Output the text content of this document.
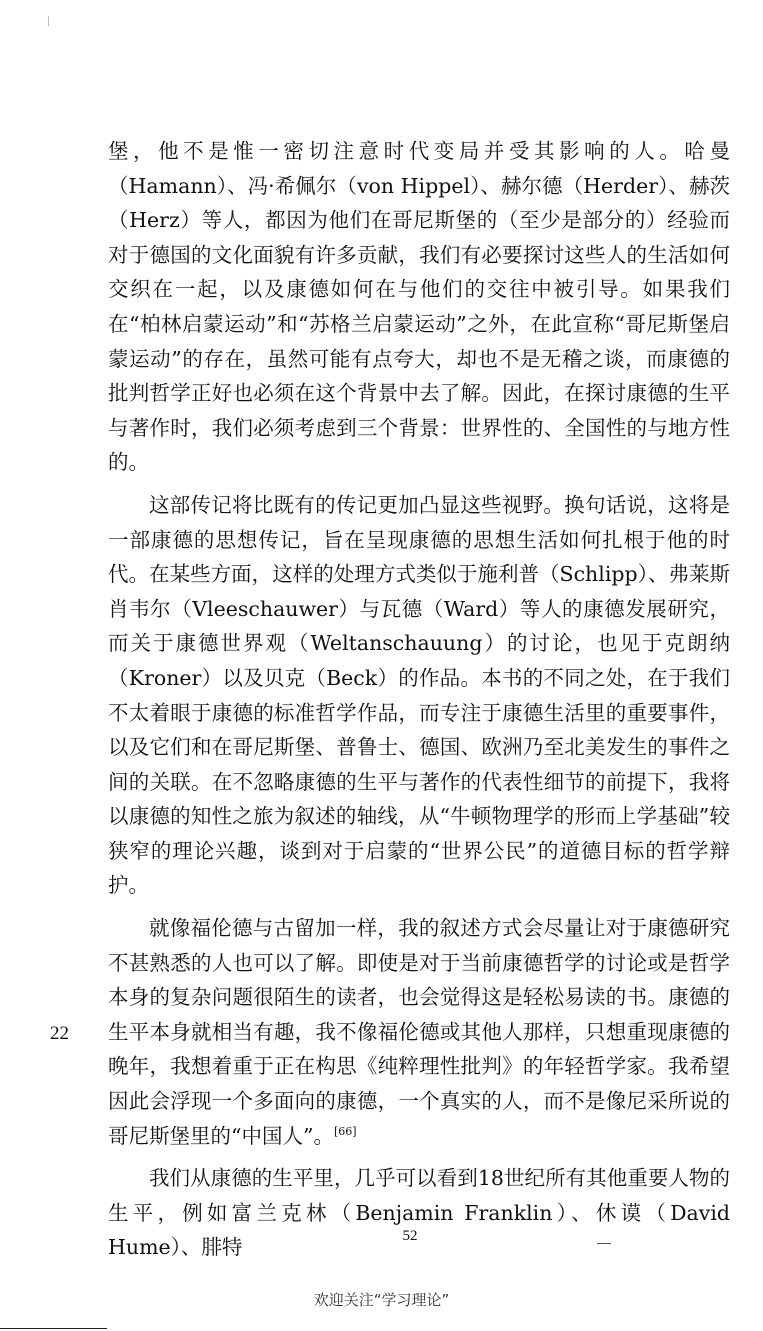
堡，他不是惟一密切注意时代变局并受其影响的人。哈曼（Hamann）、冯·希佩尔（von Hippel）、赫尔德（Herder）、赫茨（Herz）等人，都因为他们在哥尼斯堡的（至少是部分的）经验而对于德国的文化面貌有许多贡献，我们有必要探讨这些人的生活如何交织在一起，以及康德如何在与他们的交往中被引导。如果我们在“柏林启蒙运动”和“苏格兰启蒙运动”之外，在此宣称“哥尼斯堡启蒙运动”的存在，虽然可能有点夸大，却也不是无稽之谈，而康德的批判哲学正好也必须在这个背景中去了解。因此，在探讨康德的生平与著作时，我们必须考虑到三个背景：世界性的、全国性的与地方性的。

这部传记将比既有的传记更加凸显这些视野。换句话说，这将是一部康德的思想传记，旨在呈现康德的思想生活如何扎根于他的时代。在某些方面，这样的处理方式类似于施利普（Schlipp）、弗莱斯肖韦尔（Vleeschauwer）与瓦德（Ward）等人的康德发展研究，而关于康德世界观（Weltanschauung）的讨论，也见于克朗纳（Kroner）以及贝克（Beck）的作品。本书的不同之处，在于我们不太着眼于康德的标准哲学作品，而专注于康德生活里的重要事件，以及它们和在哥尼斯堡、普鲁士、德国、欧洲乃至北美发生的事件之间的关联。在不忽略康德的生平与著作的代表性细节的前提下，我将以康德的知性之旅为叙述的轴线，从“牛顿物理学的形而上学基础”较狭窄的理论兴趣，谈到对于启蒙的“世界公民”的道德目标的哲学辩护。

就像福伦德与古留加一样，我的叙述方式会尽量让对于康德研究不甚熟悉的人也可以了解。即使是对于当前康德哲学的讨论或是哲学本身的复杂问题很陌生的读者，也会觉得这是轻松易读的书。康德的生平本身就相当有趣，我不像福伦德或其他人那样，只想重现康德的晚年，我想着重于正在构思《纯粹理性批判》的年轻哲学家。我希望因此会浮现一个多面向的康德，一个真实的人，而不是像尼采所说的哥尼斯堡里的“中国人”。[66]

我们从康德的生平里，几乎可以看到18世纪所有其他重要人物的生平，例如富兰克林（Benjamin Franklin）、休谟（David Hume）、腓特

22
52
欢迎关注“学习理论”
